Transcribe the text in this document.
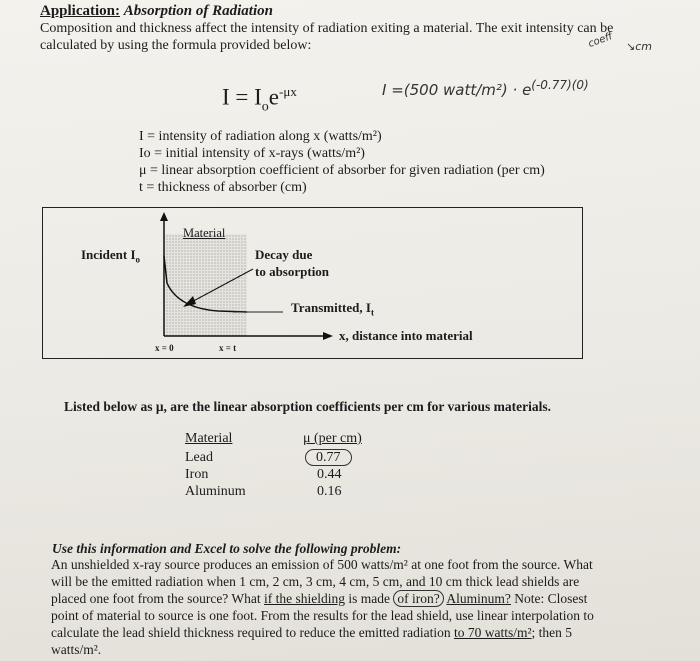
Application: Absorption of Radiation
Composition and thickness affect the intensity of radiation exiting a material. The exit intensity can be
calculated by using the formula provided below:	coeff ↘cm
$I = I_oe^{-\mu x}$	I =(500 watt/m²) · $e^{(-0.77)(0)}$
I = intensity of radiation along x (watts/m²)
Io = initial intensity of x-rays (watts/m²)
μ = linear absorption coefficient of absorber for given radiation (per cm)
t = thickness of absorber (cm)
Material
Incident $I_o$	Decay due
to absorption
Transmitted, $I_t$
x, distance into material
x = 0	x = t
Listed below as μ, are the linear absorption coefficients per cm for various materials.
Material	μ (per cm)
Lead	0.77
Iron	0.44
Aluminum	0.16
Use this information and Excel to solve the following problem:
An unshielded x-ray source produces an emission of 500 watts/m² at one foot from the source. What
will be the emitted radiation when 1 cm, 2 cm, 3 cm, 4 cm, 5 cm, and 10 cm thick lead shields are
placed one foot from the source? What if the shielding is made of iron? Aluminum? Note: Closest
point of material to source is one foot. From the results for the lead shield, use linear interpolation to
calculate the lead shield thickness required to reduce the emitted radiation to 70 watts/m²; then 5
watts/m².
